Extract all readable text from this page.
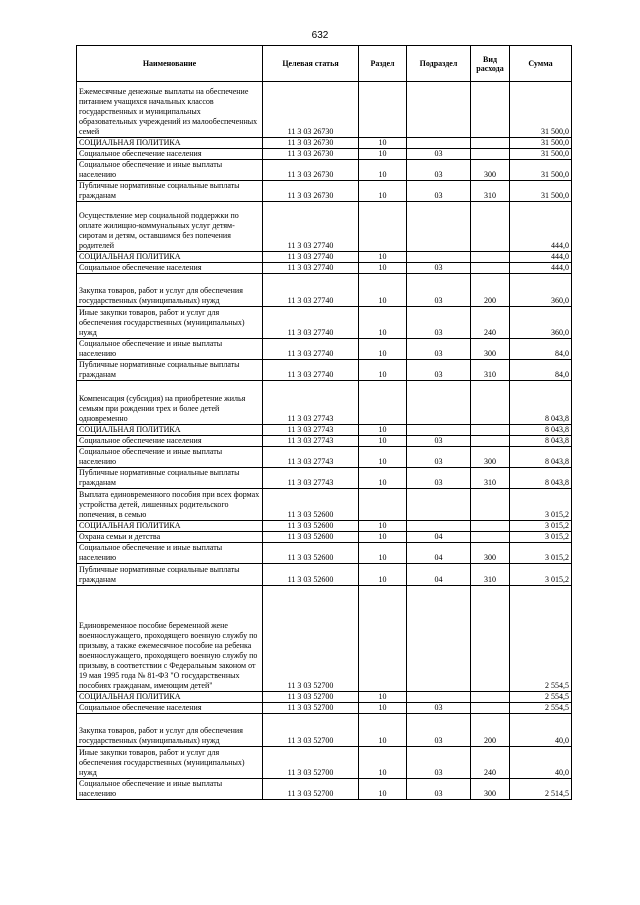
632
Наименование	Целевая статья	Раздел	Подраздел	Вид расхода	Сумма
Ежемесячные денежные выплаты на обеспечение питанием учащихся начальных классов государственных и муниципальных образовательных учреждений из малообеспеченных семей	11 3 03 26730				31 500,0
СОЦИАЛЬНАЯ ПОЛИТИКА	11 3 03 26730	10			31 500,0
Социальное обеспечение населения	11 3 03 26730	10	03		31 500,0
Социальное обеспечение и иные выплаты населению	11 3 03 26730	10	03	300	31 500,0
Публичные нормативные социальные выплаты гражданам	11 3 03 26730	10	03	310	31 500,0
Осуществление мер социальной поддержки по оплате жилищно-коммунальных услуг детям-сиротам и детям, оставшимся без попечения родителей	11 3 03 27740				444,0
СОЦИАЛЬНАЯ ПОЛИТИКА	11 3 03 27740	10			444,0
Социальное обеспечение населения	11 3 03 27740	10	03		444,0
Закупка товаров, работ и услуг для обеспечения государственных (муниципальных) нужд	11 3 03 27740	10	03	200	360,0
Иные закупки товаров, работ и услуг для обеспечения государственных (муниципальных) нужд	11 3 03 27740	10	03	240	360,0
Социальное обеспечение и иные выплаты населению	11 3 03 27740	10	03	300	84,0
Публичные нормативные социальные выплаты гражданам	11 3 03 27740	10	03	310	84,0
Компенсация (субсидия) на приобретение жилья семьям при рождении трех и более детей одновременно	11 3 03 27743				8 043,8
СОЦИАЛЬНАЯ ПОЛИТИКА	11 3 03 27743	10			8 043,8
Социальное обеспечение населения	11 3 03 27743	10	03		8 043,8
Социальное обеспечение и иные выплаты населению	11 3 03 27743	10	03	300	8 043,8
Публичные нормативные социальные выплаты гражданам	11 3 03 27743	10	03	310	8 043,8
Выплата единовременного пособия при всех формах устройства детей, лишенных родительского попечения, в семью	11 3 03 52600				3 015,2
СОЦИАЛЬНАЯ ПОЛИТИКА	11 3 03 52600	10			3 015,2
Охрана семьи и детства	11 3 03 52600	10	04		3 015,2
Социальное обеспечение и иные выплаты населению	11 3 03 52600	10	04	300	3 015,2
Публичные нормативные социальные выплаты гражданам	11 3 03 52600	10	04	310	3 015,2
Единовременное пособие беременной жене военнослужащего, проходящего военную службу по призыву, а также ежемесячное пособие на ребенка военнослужащего, проходящего военную службу по призыву, в соответствии с Федеральным законом от 19 мая 1995 года № 81-ФЗ "О государственных пособиях гражданам, имеющим детей"	11 3 03 52700				2 554,5
СОЦИАЛЬНАЯ ПОЛИТИКА	11 3 03 52700	10			2 554,5
Социальное обеспечение населения	11 3 03 52700	10	03		2 554,5
Закупка товаров, работ и услуг для обеспечения государственных (муниципальных) нужд	11 3 03 52700	10	03	200	40,0
Иные закупки товаров, работ и услуг для обеспечения государственных (муниципальных) нужд	11 3 03 52700	10	03	240	40,0
Социальное обеспечение и иные выплаты населению	11 3 03 52700	10	03	300	2 514,5
